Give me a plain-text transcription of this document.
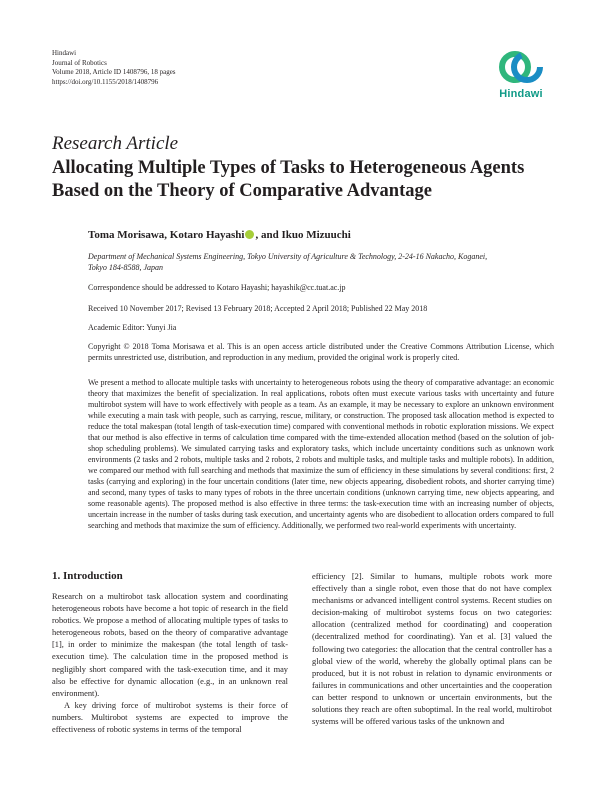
Hindawi
Journal of Robotics
Volume 2018, Article ID 1408796, 18 pages
https://doi.org/10.1155/2018/1408796
Hindawi
Research Article
Allocating Multiple Types of Tasks to Heterogeneous Agents
Based on the Theory of Comparative Advantage
Toma Morisawa, Kotaro Hayashi , and Ikuo Mizuuchi
Department of Mechanical Systems Engineering, Tokyo University of Agriculture & Technology, 2-24-16 Nakacho, Koganei,
Tokyo 184-8588, Japan
Correspondence should be addressed to Kotaro Hayashi; hayashik@cc.tuat.ac.jp
Received 10 November 2017; Revised 13 February 2018; Accepted 2 April 2018; Published 22 May 2018
Academic Editor: Yunyi Jia
Copyright © 2018 Toma Morisawa et al. This is an open access article distributed under the Creative Commons Attribution License, which permits unrestricted use, distribution, and reproduction in any medium, provided the original work is properly cited.
We present a method to allocate multiple tasks with uncertainty to heterogeneous robots using the theory of comparative advantage: an economic theory that maximizes the benefit of specialization. In real applications, robots often must execute various tasks with uncertainty and future multirobot system will have to work effectively with people as a team. As an example, it may be necessary to explore an unknown environment while executing a main task with people, such as carrying, rescue, military, or construction. The proposed task allocation method is expected to reduce the total makespan (total length of task-execution time) compared with conventional methods in robotic exploration missions. We expect that our method is also effective in terms of calculation time compared with the time-extended allocation method (based on the solution of job-shop scheduling problems). We simulated carrying tasks and exploratory tasks, which include uncertainty conditions such as unknown work environments (2 tasks and 2 robots, multiple tasks and 2 robots, 2 robots and multiple tasks, and multiple tasks and multiple robots). In addition, we compared our method with full searching and methods that maximize the sum of efficiency in these simulations by several conditions: first, 2 tasks (carrying and exploring) in the four uncertain conditions (later time, new objects appearing, disobedient robots, and shorter carrying time) and second, many types of tasks to many types of robots in the three uncertain conditions (unknown carrying time, new objects appearing, and some reasonable agents). The proposed method is also effective in three terms: the task-execution time with an increasing number of objects, uncertain increase in the number of tasks during task execution, and uncertainty agents who are disobedient to allocation orders compared to full searching and methods that maximize the sum of efficiency. Additionally, we performed two real-world experiments with uncertainty.
1. Introduction

Research on a multirobot task allocation system and coordinating heterogeneous robots have become a hot topic of research in the field robotics. We propose a method of allocating multiple types of tasks to heterogeneous robots, based on the theory of comparative advantage [1], in order to minimize the makespan (the total length of task-execution time). The calculation time in the proposed method is negligibly short compared with the task-execution time, and it may also be effective for dynamic allocation (e.g., in an unknown real environment).

A key driving force of multirobot systems is their force of numbers. Multirobot systems are expected to improve the effectiveness of robotic systems in terms of the temporal

efficiency [2]. Similar to humans, multiple robots work more effectively than a single robot, even those that do not have complex mechanisms or advanced intelligent control systems. Recent studies on decision-making of multirobot systems focus on two categories: allocation (centralized method for coordinating) and cooperation (decentralized method for coordinating). Yan et al. [3] valued the following two categories: the allocation that the central controller has a global view of the world, whereby the globally optimal plans can be produced, but it is not robust in relation to dynamic environments or failures in communications and other uncertainties and the cooperation can better respond to unknown or uncertain environments, but the solutions they reach are often suboptimal. In the real world, multirobot systems will be offered various tasks of the unknown and
